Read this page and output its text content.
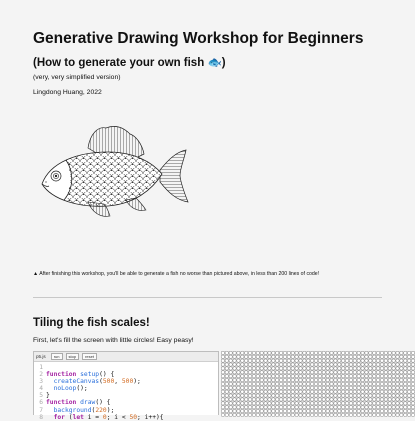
Generative Drawing Workshop for Beginners
(How to generate your own fish 🐟)

(very, very simplified version)

Lingdong Huang, 2022

▲ After finishing this workshop, you'll be able to generate a fish no worse than pictured above, in less than 200 lines of code!

Tiling the fish scales!

First, let's fill the screen with little circles! Easy peasy!

p5.js	run	stop	reset
1
2 function setup() {
3	createCanvas(500, 500);
4	noLoop();
5 }
6 function draw() {
7	background(220);
8	for (let i = 0; i < 50; i++){
